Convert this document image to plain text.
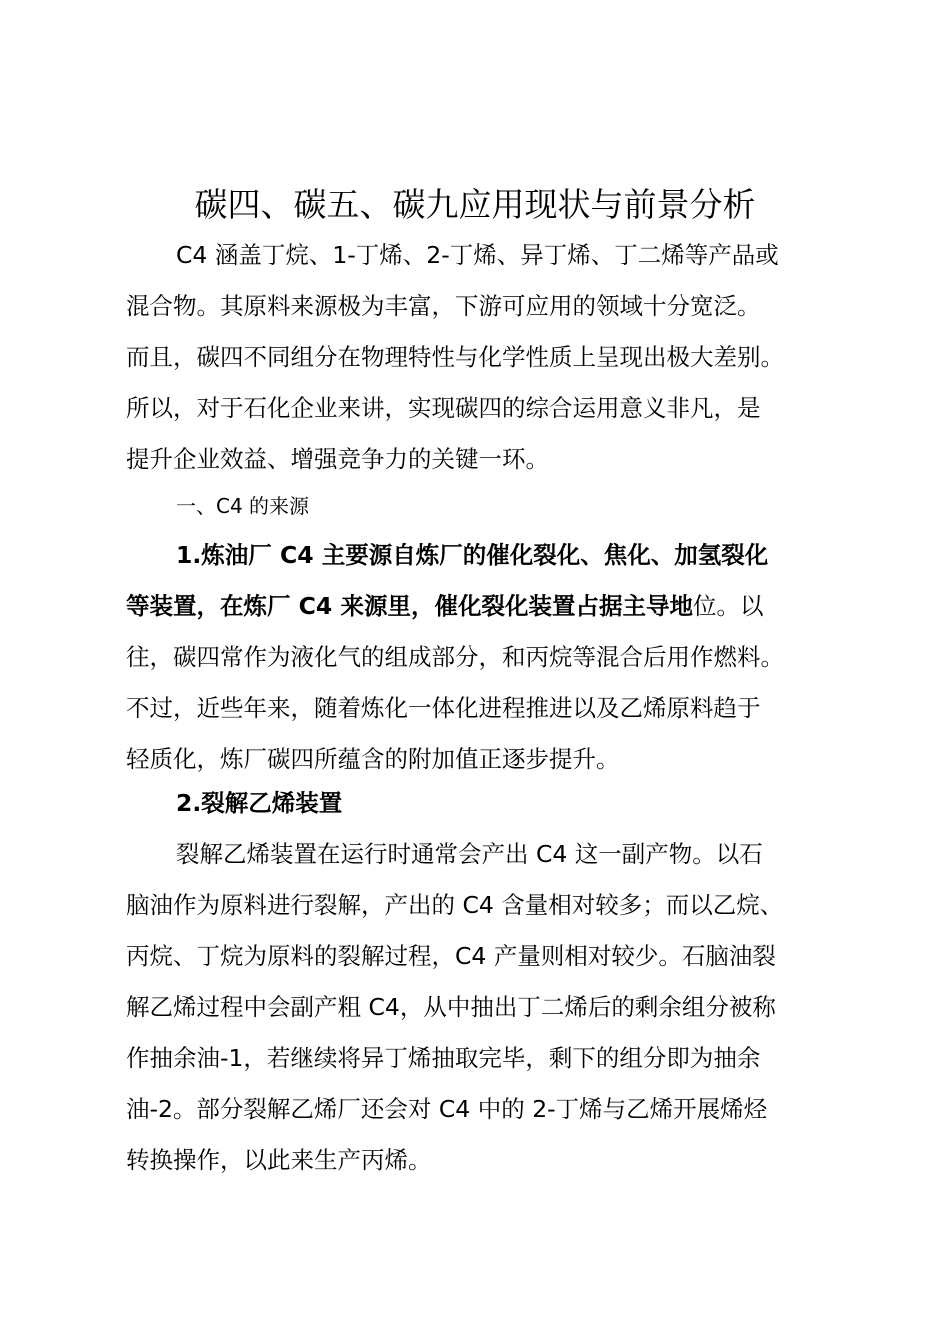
碳四、碳五、碳九应用现状与前景分析
C4 涵盖丁烷、1-丁烯、2-丁烯、异丁烯、丁二烯等产品或
混合物。其原料来源极为丰富，下游可应用的领域十分宽泛。
而且，碳四不同组分在物理特性与化学性质上呈现出极大差别。
所以，对于石化企业来讲，实现碳四的综合运用意义非凡，是
提升企业效益、增强竞争力的关键一环。
一、C4 的来源
1.炼油厂 C4 主要源自炼厂的催化裂化、焦化、加氢裂化
等装置，在炼厂 C4 来源里，催化裂化装置占据主导地位。以
往，碳四常作为液化气的组成部分，和丙烷等混合后用作燃料。
不过，近些年来，随着炼化一体化进程推进以及乙烯原料趋于
轻质化，炼厂碳四所蕴含的附加值正逐步提升。
2.裂解乙烯装置
裂解乙烯装置在运行时通常会产出 C4 这一副产物。以石
脑油作为原料进行裂解，产出的 C4 含量相对较多；而以乙烷、
丙烷、丁烷为原料的裂解过程，C4 产量则相对较少。石脑油裂
解乙烯过程中会副产粗 C4，从中抽出丁二烯后的剩余组分被称
作抽余油-1，若继续将异丁烯抽取完毕，剩下的组分即为抽余
油-2。部分裂解乙烯厂还会对 C4 中的 2-丁烯与乙烯开展烯烃
转换操作，以此来生产丙烯。
